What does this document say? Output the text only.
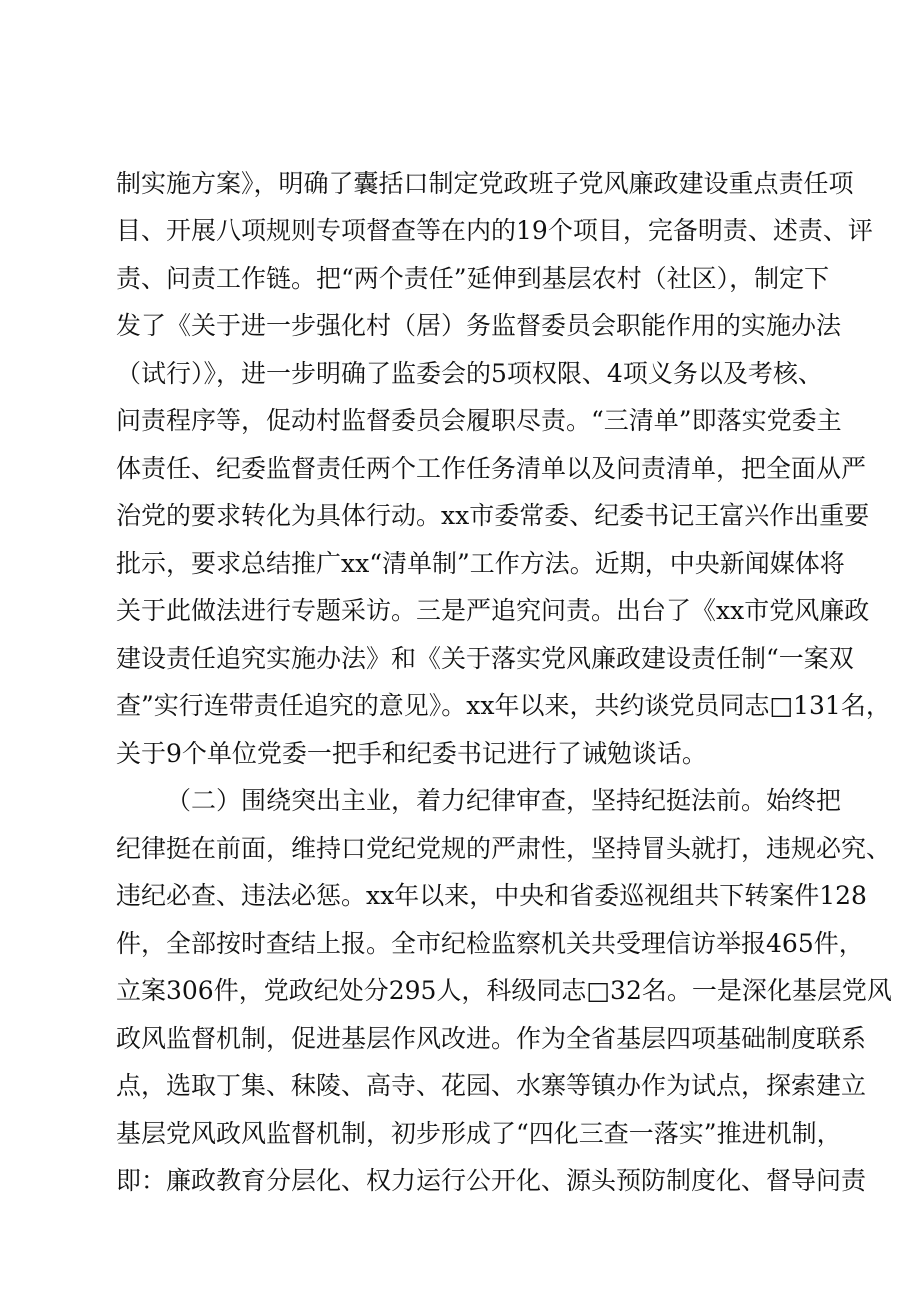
制实施方案》，明确了囊括口制定党政班子党风廉政建设重点责任项
目、开展八项规则专项督查等在内的19个项目，完备明责、述责、评
责、问责工作链。把“两个责任”延伸到基层农村（社区），制定下
发了《关于进一步强化村（居）务监督委员会职能作用的实施办法
（试行）》，进一步明确了监委会的5项权限、4项义务以及考核、
问责程序等，促动村监督委员会履职尽责。“三清单”即落实党委主
体责任、纪委监督责任两个工作任务清单以及问责清单，把全面从严
治党的要求转化为具体行动。xx市委常委、纪委书记王富兴作出重要
批示，要求总结推广xx“清单制”工作方法。近期，中央新闻媒体将
关于此做法进行专题采访。三是严追究问责。出台了《xx市党风廉政
建设责任追究实施办法》和《关于落实党风廉政建设责任制“一案双
查”实行连带责任追究的意见》。xx年以来，共约谈党员同志□131名，
关于9个单位党委一把手和纪委书记进行了诫勉谈话。
（二）围绕突出主业，着力纪律审查，坚持纪挺法前。始终把
纪律挺在前面，维持口党纪党规的严肃性，坚持冒头就打，违规必究、
违纪必查、违法必惩。xx年以来，中央和省委巡视组共下转案件128
件，全部按时查结上报。全市纪检监察机关共受理信访举报465件，
立案306件，党政纪处分295人，科级同志□32名。一是深化基层党风
政风监督机制，促进基层作风改进。作为全省基层四项基础制度联系
点，选取丁集、秣陵、高寺、花园、水寨等镇办作为试点，探索建立
基层党风政风监督机制，初步形成了“四化三查一落实”推进机制，
即：廉政教育分层化、权力运行公开化、源头预防制度化、督导问责
